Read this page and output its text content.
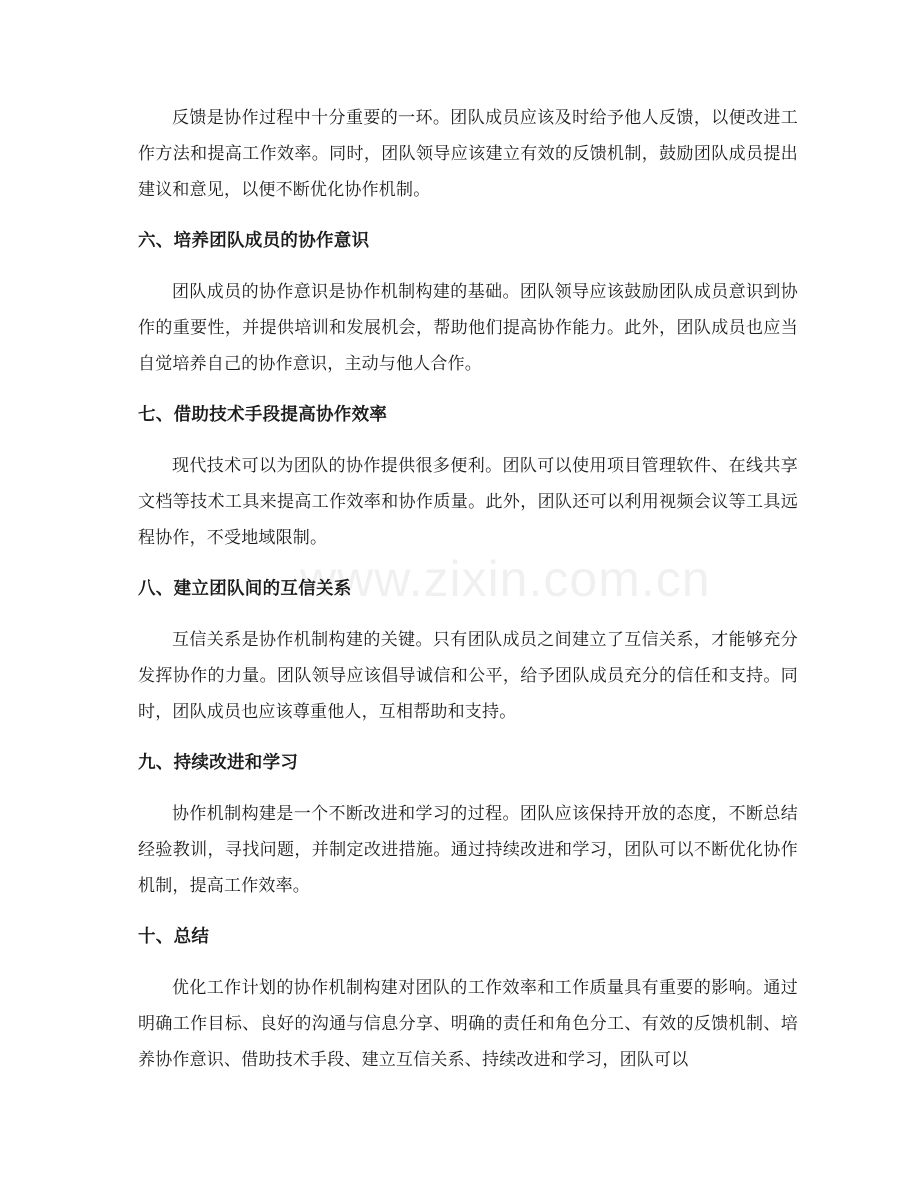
www.zixin.com.cn

反馈是协作过程中十分重要的一环。团队成员应该及时给予他人反馈，以便改进工作方法和提高工作效率。同时，团队领导应该建立有效的反馈机制，鼓励团队成员提出建议和意见，以便不断优化协作机制。

六、培养团队成员的协作意识

团队成员的协作意识是协作机制构建的基础。团队领导应该鼓励团队成员意识到协作的重要性，并提供培训和发展机会，帮助他们提高协作能力。此外，团队成员也应当自觉培养自己的协作意识，主动与他人合作。

七、借助技术手段提高协作效率

现代技术可以为团队的协作提供很多便利。团队可以使用项目管理软件、在线共享文档等技术工具来提高工作效率和协作质量。此外，团队还可以利用视频会议等工具远程协作，不受地域限制。

八、建立团队间的互信关系

互信关系是协作机制构建的关键。只有团队成员之间建立了互信关系，才能够充分发挥协作的力量。团队领导应该倡导诚信和公平，给予团队成员充分的信任和支持。同时，团队成员也应该尊重他人，互相帮助和支持。

九、持续改进和学习

协作机制构建是一个不断改进和学习的过程。团队应该保持开放的态度，不断总结经验教训，寻找问题，并制定改进措施。通过持续改进和学习，团队可以不断优化协作机制，提高工作效率。

十、总结

优化工作计划的协作机制构建对团队的工作效率和工作质量具有重要的影响。通过明确工作目标、良好的沟通与信息分享、明确的责任和角色分工、有效的反馈机制、培养协作意识、借助技术手段、建立互信关系、持续改进和学习，团队可以
